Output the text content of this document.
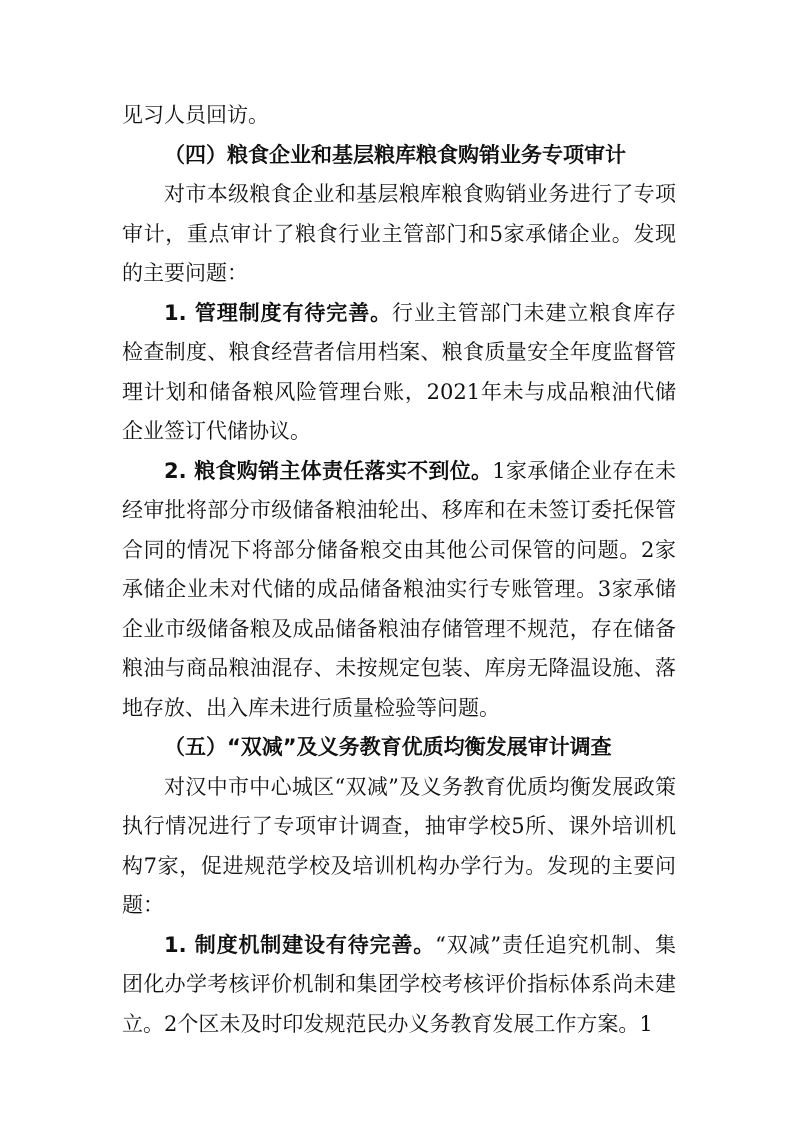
见习人员回访。

（四）粮食企业和基层粮库粮食购销业务专项审计

对市本级粮食企业和基层粮库粮食购销业务进行了专项审计，重点审计了粮食行业主管部门和5家承储企业。发现的主要问题：

1. 管理制度有待完善。行业主管部门未建立粮食库存检查制度、粮食经营者信用档案、粮食质量安全年度监督管理计划和储备粮风险管理台账，2021年未与成品粮油代储企业签订代储协议。

2. 粮食购销主体责任落实不到位。1家承储企业存在未经审批将部分市级储备粮油轮出、移库和在未签订委托保管合同的情况下将部分储备粮交由其他公司保管的问题。2家承储企业未对代储的成品储备粮油实行专账管理。3家承储企业市级储备粮及成品储备粮油存储管理不规范，存在储备粮油与商品粮油混存、未按规定包装、库房无降温设施、落地存放、出入库未进行质量检验等问题。

（五）“双减”及义务教育优质均衡发展审计调查

对汉中市中心城区“双减”及义务教育优质均衡发展政策执行情况进行了专项审计调查，抽审学校5所、课外培训机构7家，促进规范学校及培训机构办学行为。发现的主要问题：

1. 制度机制建设有待完善。“双减”责任追究机制、集团化办学考核评价机制和集团学校考核评价指标体系尚未建立。2个区未及时印发规范民办义务教育发展工作方案。1
